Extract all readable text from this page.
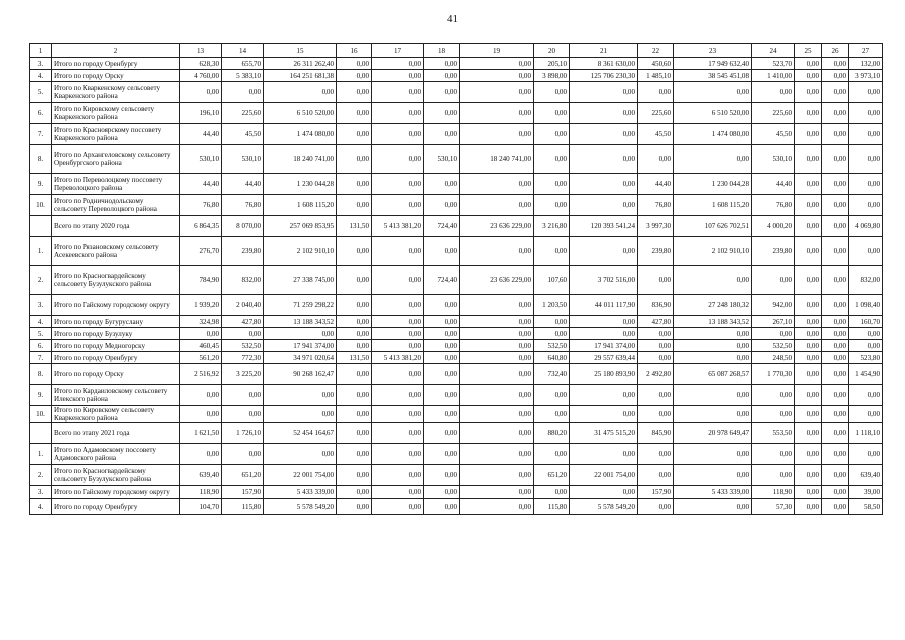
41
1	2	13	14	15	16	17	18	19	20	21	22	23	24	25	26	27
3.	Итого по городу Оренбургу	628,30	655,70	26 311 262,40	0,00	0,00	0,00	0,00	205,10	8 361 630,00	450,60	17 949 632,40	523,70	0,00	0,00	132,00
4.	Итого по городу Орску	4 760,00	5 383,10	164 251 681,38	0,00	0,00	0,00	0,00	3 898,00	125 706 230,30	1 485,10	38 545 451,08	1 410,00	0,00	0,00	3 973,10
5.	Итого по Кваркенскому сельсовету Кваркенского района	0,00	0,00	0,00	0,00	0,00	0,00	0,00	0,00	0,00	0,00	0,00	0,00	0,00	0,00	0,00
6.	Итого по Кировскому сельсовету Кваркенского района	196,10	225,60	6 510 520,00	0,00	0,00	0,00	0,00	0,00	0,00	225,60	6 510 520,00	225,60	0,00	0,00	0,00
7.	Итого по Красноярскому поссовету Кваркенского района	44,40	45,50	1 474 080,00	0,00	0,00	0,00	0,00	0,00	0,00	45,50	1 474 080,00	45,50	0,00	0,00	0,00
8.	Итого по Архангеловскому сельсовету Оренбургского района	530,10	530,10	18 240 741,00	0,00	0,00	530,10	18 240 741,00	0,00	0,00	0,00	0,00	530,10	0,00	0,00	0,00
9.	Итого по Переволоцкому поссовету Переволоцкого района	44,40	44,40	1 230 044,28	0,00	0,00	0,00	0,00	0,00	0,00	44,40	1 230 044,28	44,40	0,00	0,00	0,00
10.	Итого по Родничнодольскому сельсовету Переволоцкого района	76,80	76,80	1 608 115,20	0,00	0,00	0,00	0,00	0,00	0,00	76,80	1 608 115,20	76,80	0,00	0,00	0,00
	Всего по этапу 2020 года	6 864,35	8 070,00	257 069 853,95	131,50	5 413 381,20	724,40	23 636 229,00	3 216,80	120 393 541,24	3 997,30	107 626 702,51	4 000,20	0,00	0,00	4 069,80
1.	Итого по Рязановскому сельсовету Асекеевского района	276,70	239,80	2 102 910,10	0,00	0,00	0,00	0,00	0,00	0,00	239,80	2 102 910,10	239,80	0,00	0,00	0,00
2.	Итого по Красногвардейскому сельсовету Бузулукского района	784,90	832,00	27 338 745,00	0,00	0,00	724,40	23 636 229,00	107,60	3 702 516,00	0,00	0,00	0,00	0,00	0,00	832,00
3.	Итого по Гайскому городскому округу	1 939,20	2 040,40	71 259 298,22	0,00	0,00	0,00	0,00	1 203,50	44 011 117,90	836,90	27 248 180,32	942,00	0,00	0,00	1 098,40
4.	Итого по городу Бугуруслану	324,98	427,80	13 188 343,52	0,00	0,00	0,00	0,00	0,00	0,00	427,80	13 188 343,52	267,10	0,00	0,00	160,70
5.	Итого по городу Бузулуку	0,00	0,00	0,00	0,00	0,00	0,00	0,00	0,00	0,00	0,00	0,00	0,00	0,00	0,00	0,00
6.	Итого по городу Медногорску	460,45	532,50	17 941 374,00	0,00	0,00	0,00	0,00	532,50	17 941 374,00	0,00	0,00	532,50	0,00	0,00	0,00
7.	Итого по городу Оренбургу	561,20	772,30	34 971 020,64	131,50	5 413 381,20	0,00	0,00	640,80	29 557 639,44	0,00	0,00	248,50	0,00	0,00	523,80
8.	Итого по городу Орску	2 516,92	3 225,20	90 268 162,47	0,00	0,00	0,00	0,00	732,40	25 180 893,90	2 492,80	65 087 268,57	1 770,30	0,00	0,00	1 454,90
9.	Итого по Кардаиловскому сельсовету Илекского района	0,00	0,00	0,00	0,00	0,00	0,00	0,00	0,00	0,00	0,00	0,00	0,00	0,00	0,00	0,00
10.	Итого по Кировскому сельсовету Кваркенского района	0,00	0,00	0,00	0,00	0,00	0,00	0,00	0,00	0,00	0,00	0,00	0,00	0,00	0,00	0,00
	Всего по этапу 2021 года	1 621,50	1 726,10	52 454 164,67	0,00	0,00	0,00	0,00	880,20	31 475 515,20	845,90	20 978 649,47	553,50	0,00	0,00	1 118,10
1.	Итого по Адамовскому поссовету Адамовского района	0,00	0,00	0,00	0,00	0,00	0,00	0,00	0,00	0,00	0,00	0,00	0,00	0,00	0,00	0,00
2.	Итого по Красногвардейскому сельсовету Бузулукского района	639,40	651,20	22 001 754,00	0,00	0,00	0,00	0,00	651,20	22 001 754,00	0,00	0,00	0,00	0,00	0,00	639,40
3.	Итого по Гайскому городскому округу	118,90	157,90	5 433 339,00	0,00	0,00	0,00	0,00	0,00	0,00	157,90	5 433 339,00	118,90	0,00	0,00	39,00
4.	Итого по городу Оренбургу	104,70	115,80	5 578 549,20	0,00	0,00	0,00	0,00	115,80	5 578 549,20	0,00	0,00	57,30	0,00	0,00	58,50
